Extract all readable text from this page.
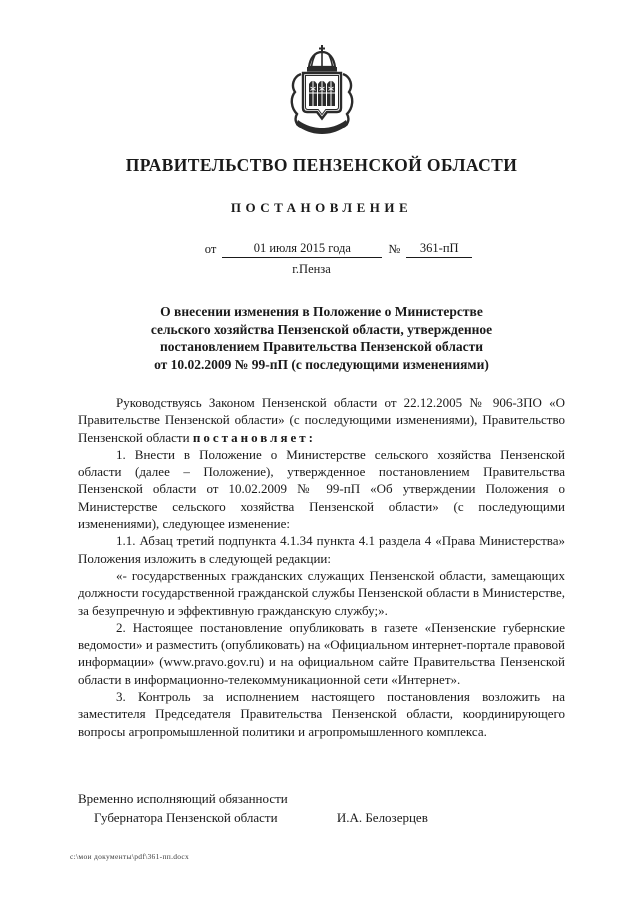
ПРАВИТЕЛЬСТВО ПЕНЗЕНСКОЙ ОБЛАСТИ
ПОСТАНОВЛЕНИЕ
от	01 июля 2015 года	№	361-пП
г.Пенза
О внесении изменения в Положение о Министерстве
сельского хозяйства Пензенской области, утвержденное
постановлением Правительства Пензенской области
от 10.02.2009 № 99-пП (с последующими изменениями)

Руководствуясь Законом Пензенской области от 22.12.2005 № 906-ЗПО «О Правительстве Пензенской области» (с последующими изменениями), Правительство Пензенской области постановляет:

1. Внести в Положение о Министерстве сельского хозяйства Пензенской области (далее – Положение), утвержденное постановлением Правительства Пензенской области от 10.02.2009 № 99-пП «Об утверждении Положения о Министерстве сельского хозяйства Пензенской области» (с последующими изменениями), следующее изменение:

1.1. Абзац третий подпункта 4.1.34 пункта 4.1 раздела 4 «Права Министерства» Положения изложить в следующей редакции:

«- государственных гражданских служащих Пензенской области, замещающих должности государственной гражданской службы Пензенской области в Министерстве, за безупречную и эффективную гражданскую службу;».

2. Настоящее постановление опубликовать в газете «Пензенские губернские ведомости» и разместить (опубликовать) на «Официальном интернет-портале правовой информации» (www.pravo.gov.ru) и на официальном сайте Правительства Пензенской области в информационно-телекоммуникационной сети «Интернет».

3. Контроль за исполнением настоящего постановления возложить на заместителя Председателя Правительства Пензенской области, координирующего вопросы агропромышленной политики и агропромышленного комплекса.

Временно исполняющий обязанности
Губернатора Пензенской области	И.А. Белозерцев
с:\мои документы\pdf\361-пп.docx
